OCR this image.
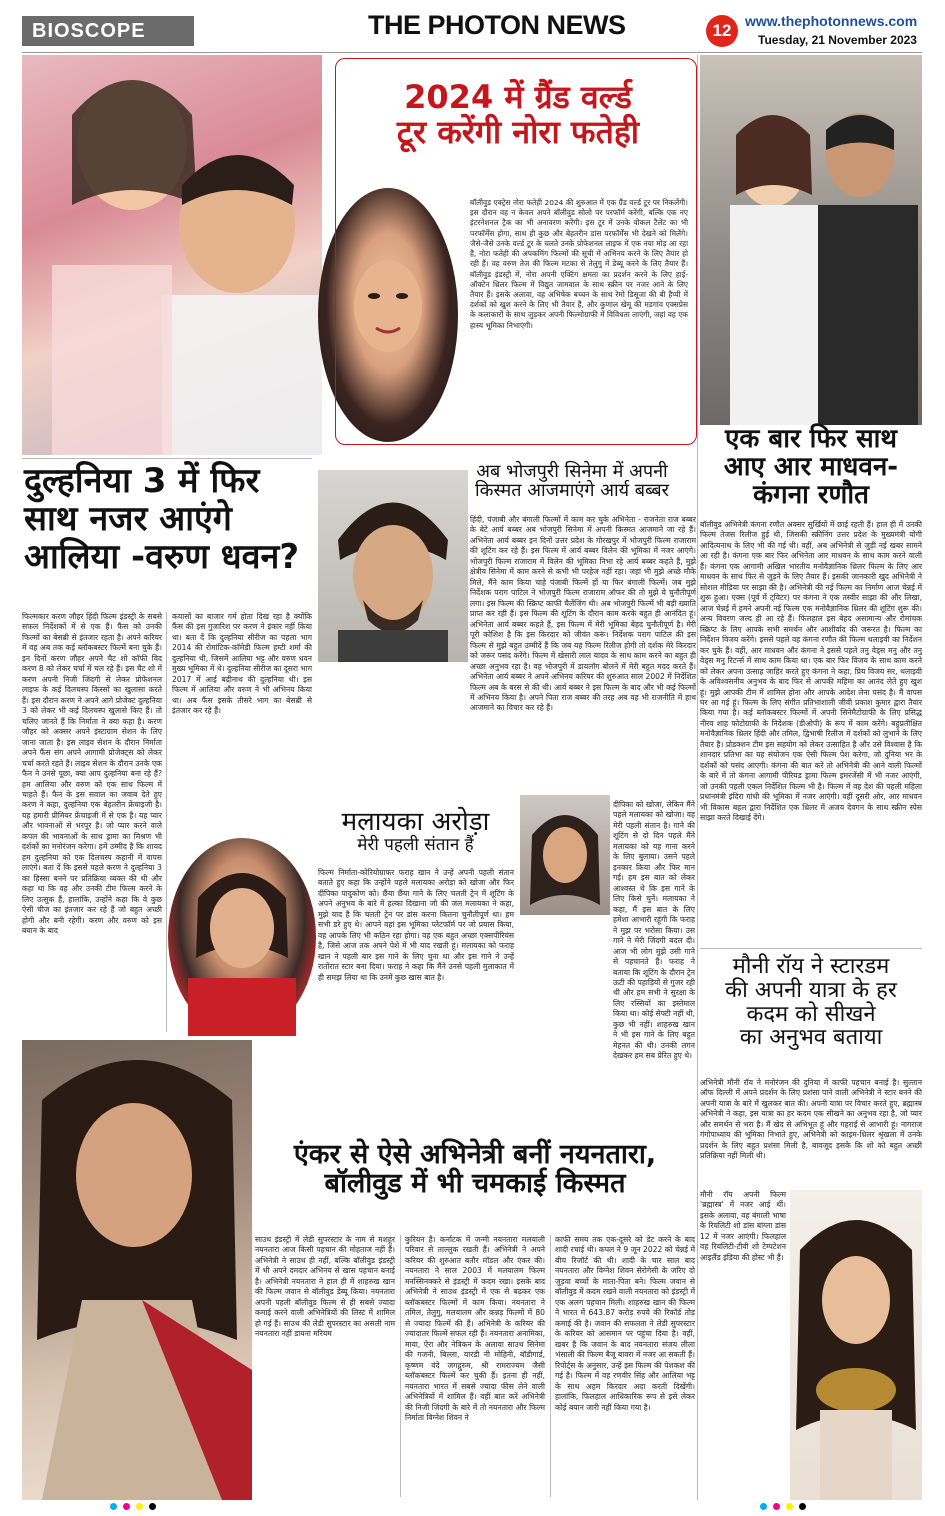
BIOSCOPE	THE PHOTON NEWS	12 www.thephotonnews.com
Tuesday, 21 November 2023
2024 में ग्रैंड वर्ल्ड
टूर करेंगी नोरा फतेही
बॉलीवुड एक्ट्रेस नोरा फतेही 2024 की शुरुआत में एक ग्रैंड वर्ल्ड टूर पर निकलेंगी। इस दौरान वह न केवल अपने बॉलीवुड सोलो पर परफॉर्म करेंगी, बल्कि एक नए इंटरनेशनल ट्रैक का भी अनावरण करेंगी। इस टूर में उनके वोकल टैलेंट का भी परफॉर्मेंस होगा, साथ ही कुछ और बेहतरीन डांस परफॉर्मेंस भी देखने को मिलेंगे। जैसे-जैसे उनके वर्ल्ड टूर के चलते उनके प्रोफेशनल लाइफ में एक नया मोड़ आ रहा है, नोरा फतेही की अपकमिंग फिल्मों की सूची में अभिनय करने के लिए तैयार हो रही हैं। वह वरुण तेज की फिल्म मटका से तेलुगु में डेब्यू करने के लिए तैयार हैं। बॉलीवुड इंडस्ट्री में, नोरा अपनी एक्टिंग क्षमता का प्रदर्शन करने के लिए हाई-ऑक्टेन थ्रिलर फिल्म में विद्युत जामवाल के साथ स्क्रीन पर नजर आने के लिए तैयार हैं। इसके अलावा, वह अभिषेक बच्चन के साथ रेमो डिसूजा की बी हैप्पी में दर्शकों को खुश करने के लिए भी तैयार हैं, और कुणाल खेमू की मडगांव एक्सप्रेस के कलाकारों के साथ जुड़कर अपनी फिल्मोग्राफी में विविधता लाएंगी, जहां वह एक हास्य भूमिका निभाएंगी।
एक बार फिर साथ
आए आर माधवन-
कंगना रणौत
बॉलीवुड अभिनेत्री कंगना रणौत अक्सर सुर्खियों में छाई रहती हैं। हाल ही में उनकी फिल्म तेजस रिलीज हुई थी, जिसकी स्क्रीनिंग उत्तर प्रदेश के मुख्यमंत्री योगी आदित्यनाथ के लिए भी की गई थी। वहीं, अब अभिनेत्री से जुड़ी नई खबर सामने आ रही है। कंगना एक बार फिर अभिनेता आर माधवन के साथ काम करने वाली हैं। कंगना एक आगामी अखिल भारतीय मनोवैज्ञानिक थ्रिलर फिल्म के लिए आर माधवन के साथ फिर से जुड़ने के लिए तैयार हैं। इसकी जानकारी खुद अभिनेत्री ने सोशल मीडिया पर साझा की है। अभिनेत्री की नई फिल्म का निर्माण आज चेन्नई में शुरू हुआ। एक्स (पूर्व में ट्विटर) पर कंगना ने एक तस्वीर साझा की और लिखा, आज चेन्नई में हमने अपनी नई फिल्म एक मनोवैज्ञानिक थ्रिलर की शूटिंग शुरू की। अन्य विवरण जल्द ही आ रहे हैं। फिलहाल इस बेहद असामान्य और रोमांचक स्क्रिप्ट के लिए आपके सभी समर्थन और आशीर्वाद की जरूरत है। फिल्म का निर्देशन विजय करेंगे। इससे पहले वह कंगना रणौत की फिल्म थलाइवी का निर्देशन कर चुके हैं। वहीं, आर माधवन और कंगना ने इससे पहले तनु वेड्स मनु और तनु वेड्स मनु रिटर्न्स में साथ काम किया था। एक बार फिर विजय के साथ काम करने को लेकर अपना उत्साह जाहिर करते हुए कंगना ने कहा, प्रिय विजय सर, थलाइवी के अविश्वसनीय अनुभव के बाद फिर से आपकी महिमा का आनंद लेते हुए खुश हूं। मुझे आपकी टीम में शामिल होना और आपके आदेश लेना पसंद है। मैं वापस घर आ गई हूं। फिल्म के लिए संगीत प्रतिभाशाली जीवी प्रकाश कुमार द्वारा तैयार किया गया है। कई ब्लॉकबस्टर फिल्मों में अपनी सिनेमैटोग्राफी के लिए प्रसिद्ध नीरव शाह फोटोग्राफी के निदेशक (डीओपी) के रूप में काम करेंगे। बहुप्रतीक्षित मनोवैज्ञानिक थ्रिलर हिंदी और तमिल, द्विभाषी रिलीज में दर्शकों को लुभाने के लिए तैयार है। प्रोडक्शन टीम इस सहयोग को लेकर उत्साहित है और उसे विश्वास है कि शानदार प्रतिभा का यह संयोजन एक ऐसी फिल्म पेश करेगा, जो दुनिया भर के दर्शकों को पसंद आएगी। कंगना की बात करें तो अभिनेत्री की आने वाली फिल्मों के बारे में तो कंगना आगामी पीरियड ड्रामा फिल्म इमरजेंसी में भी नजर आएंगी, जो उनकी पहली एकल निर्देशित फिल्म भी है। फिल्म में वह देश की पहली महिला प्रधानमंत्री इंदिरा गांधी की भूमिका में नजर आएंगी। वहीं दूसरी ओर, आर माधवन भी विकास बहल द्वारा निर्देशित एक थ्रिलर में अजय देवगन के साथ स्क्रीन स्पेस साझा करते दिखाई देंगे।
दुल्हनिया 3 में फिर
साथ नजर आएंगे
आलिया -वरुण धवन?
फिल्मकार करण जौहर हिंदी फिल्म इंडस्ट्री के सबसे सफल निर्देशकों में से एक हैं। फैंस को उनकी फिल्मों का बेसब्री से इंतजार रहता है। अपने करियर में वह अब तक कई ब्लॉकबस्टर फिल्में बना चुके हैं। इन दिनों करण जौहर अपने चैट शो कॉफी विद करण 8 को लेकर चर्चा में चल रहे हैं। इस चैट शो में करण अपनी निजी जिंदगी से लेकर प्रोफेशनल लाइफ के कई दिलचस्प किस्सों का खुलासा करते हैं। इस दौरान करण ने अपने आगे प्रोजेक्ट दुल्हनिया 3 को लेकर भी कई दिलचस्प खुलासे किए हैं। तो चलिए जानते हैं कि निर्माता ने क्या कहा है। करण जौहर को अक्सर अपने इंस्टाग्राम सेशन के लिए जाना जाता है। इस लाइव सेशन के दौरान निर्माता अपने फैंस संग अपने आगामी प्रोजेक्ट्स को लेकर चर्चा करते रहते हैं। लाइव सेशन के दौरान उनके एक फैन ने उनसे पूछा, क्या आप दुल्हनिया बना रहे हैं? हम आलिया और वरुण को एक साथ फिल्म में चाहते हैं। फैन के इस सवाल का जवाब देते हुए करण ने कहा, दुल्हनिया एक बेहतरीन फ्रेंचाइजी है। यह हमारी प्रीमियर फ्रेंचाइजी में से एक है। यह प्यार और भावनाओं से भरपूर है। जो प्यार करने वाले कपल की भावनाओं के साथ ड्रामा का मिश्रण भी दर्शकों का मनोरंजन करेगा। हमें उम्मीद है कि शायद हम दुल्हनिया को एक दिलचस्प कहानी में वापस लाएंगे। बता दें कि इससे पहले करण ने दुल्हनिया 3 का हिस्सा बनने पर प्रतिक्रिया व्यक्त की थी और कहा था कि वह और उनकी टीम फिल्म करने के लिए उत्सुक हैं, हालांकि, उन्होंने कहा कि वे कुछ ऐसी चीज का इंतजार कर रहे हैं जो बहुत अच्छी होगी और बनी रहेगी। करण और वरुण को इस बयान के बाद
कयासों का बाजार गर्म होता दिख रहा है क्योंकि फैंस की इस गुजारिश पर करण ने इंकार नहीं किया था। बता दें कि दुल्हनिया सीरीज का पहला भाग 2014 की रोमांटिक-कॉमेडी फिल्म हम्टी शर्मा की दुल्हनिया थी, जिसमें आलिया भट्ट और वरुण धवन मुख्य भूमिका में थे। दुल्हनिया सीरीज का दूसरा भाग 2017 में आई बद्रीनाथ की दुल्हनिया थी। इस फिल्म में आलिया और वरुण ने भी अभिनय किया था। अब फैंस इसके तीसरे भाग का बेसब्री से इंतजार कर रहे हैं।
अब भोजपुरी सिनेमा में अपनी
किस्मत आजमाएंगे आर्य बब्बर
हिंदी, पंजाबी और बंगाली फिल्मों में काम कर चुके अभिनेता - राजनेता राज बब्बर के बेटे आर्य बब्बर अब भोजपुरी सिनेमा में अपनी किस्मत आजमाने जा रहे हैं। अभिनेता आर्य बब्बर इन दिनों उत्तर प्रदेश के गोरखपुर में भोजपुरी फिल्म राजाराम की शूटिंग कर रहे हैं। इस फिल्म में आर्य बब्बर विलेन की भूमिका में नजर आएंगे। भोजपुरी फिल्म राजाराम में विलेन की भूमिका निभा रहे आर्य बब्बर कहते हैं, मुझे क्षेत्रीय सिनेमा में काम करने से कभी भी परहेज नहीं रहा। जहां भी मुझे अच्छे मौके मिले, मैंने काम किया चाहे पंजाबी फिल्में हों या फिर बंगाली फिल्में। जब मुझे निर्देशक पराग पाटिल ने भोजपुरी फिल्म राजाराम ऑफर की तो मुझे ये चुनौतीपूर्ण लगा। इस फिल्म की स्क्रिप्ट काफी चैलेंजिंग थी। अब भोजपुरी फिल्में भी बड़ी ख्याति प्राप्त कर रही हैं। इस फिल्म की शूटिंग के दौरान काम करके बहुत ही आनंदित हूं। अभिनेता आर्य बब्बर कहते हैं, इस फिल्म में मेरी भूमिका बेहद चुनौतीपूर्ण है। मेरी पूरी कोशिश है कि इस किरदार को जीवंत करूं। निर्देशक पराग पाटिल की इस फिल्म से मुझे बहुत उम्मीदें हैं कि जब यह फिल्म रिलीज होगी तो दर्शक मेरे किरदार को जरूर पसंद करेंगे। फिल्म में खेसारी लाल यादव के साथ काम करने का बहुत ही अच्छा अनुभव रहा है। वह भोजपुरी में डायलॉग बोलने में मेरी बहुत मदद करते हैं। अभिनेता आर्य बब्बर ने अपने अभिनय करियर की शुरुआत साल 2002 में निर्देशित फिल्म अब के बरस से की थी। आर्य बब्बर ने इस फिल्म के बाद और भी कई फिल्मों में अभिनय किया है। अपने पिता राज बब्बर की तरह अब वह भी राजनीति में हाथ आजमाने का विचार कर रहे हैं।
मलायका अरोड़ा
मेरी पहली संतान हैं
फिल्म निर्माता-कोरियोग्राफर फराह खान ने उन्हें अपनी पहली संतान बताते हुए कहा कि उन्होंने पहले मलायका अरोड़ा को खोजा और फिर दीपिका पादुकोण को। छैंया छैंया गाने के लिए चलती ट्रेन में शूटिंग के अपने अनुभव के बारे में हल्का दिखाना जो की जल मलायका ने कहा, मुझे याद है कि चलती ट्रेन पर डांस करना कितना चुनौतीपूर्ण था। हम सभी डरे हुए थे। आपने वहां इस भूमिका प्लेटफॉर्म पर जो प्रयास किया, वह आपके लिए भी कठिन रहा होगा। वह एक बहुत अच्छा एक्सपीरियंस है, जिसे आज तक अपने पेशे में भी याद रखती हूं। मलायका को फराह खान ने पहली बार इस गाने के लिए चुना था और इस गाने ने उन्हें रातोंरात स्टार बना दिया। फराह ने कहा कि मैंने उनसे पहली मुलाकात में ही समझ लिया था कि उनमें कुछ खास बात है।
दीपिका को खोजा, लेकिन मैंने पहले मलायका को खोजा। वह मेरी पहली संतान है। गाने की शूटिंग से दो दिन पहले मैंने मलायका को यह गाना करने के लिए बुलाया। उसने पहले इनकार किया और फिर मान गई। हम इस बात को लेकर आश्वस्त थे कि इस गाने के लिए किसे चुनें। मलायका ने कहा, मैं इस बात के लिए हमेशा आभारी रहूंगी कि फराह ने मुझ पर भरोसा किया। उस गाने ने मेरी जिंदगी बदल दी। आज भी लोग मुझे उसी गाने से पहचानते हैं। फराह ने बताया कि शूटिंग के दौरान ट्रेन ऊटी की पहाड़ियों से गुजर रही थी और हम सभी ने सुरक्षा के लिए रस्सियों का इस्तेमाल किया था। कोई सेफ्टी नहीं थी, कुछ भी नहीं। शाहरुख खान ने भी इस गाने के लिए बहुत मेहनत की थी। उनकी लगन देखकर हम सब प्रेरित हुए थे।
मौनी रॉय ने स्टारडम
की अपनी यात्रा के हर
कदम को सीखने
का अनुभव बताया
अभिनेत्री मौनी रॉय ने मनोरंजन की दुनिया में काफी पहचान बनाई है। सुल्तान ऑफ दिल्ली में अपने प्रदर्शन के लिए प्रशंसा पाने वाली अभिनेत्री ने स्टार बनने की अपनी यात्रा के बारे में खुलकर बात की। अपनी यात्रा पर विचार करते हुए, ब्रह्मास्त्र अभिनेत्री ने कहा, इस यात्रा का हर कदम एक सीखने का अनुभव रहा है, जो प्यार और समर्थन से भरा है। मैं खेद से अभिभूत हूं और गहराई से आभारी हूं। नागराज गंगोपाध्याय की भूमिका निभाते हुए, अभिनेत्री को काइम-थ्रिलर श्रृंखला में उनके प्रदर्शन के लिए बहुत प्रशंसा मिली है, बावजूद इसके कि शो को बहुत अच्छी प्रतिक्रिया नहीं मिली थी।
मौनी रॉय अपनी फिल्म 'ब्रह्मास्त्र' में नजर आई थीं। इसके अलावा, वह बंगाली भाषा के रियलिटी शो डांस बांग्ला डांस 12 में नजर आएंगी। फिलहाल वह रियलिटी-टीवी शो टेम्पटेशन आइलैंड इंडिया की होस्ट भी हैं।
एंकर से ऐसे अभिनेत्री बनीं नयनतारा,
बॉलीवुड में भी चमकाई किस्मत
साउथ इंडस्ट्री में लेडी सुपरस्टार के नाम से मशहूर नयनतारा आज किसी पहचान की मोहताज नहीं हैं। अभिनेत्री ने साउथ ही नहीं, बल्कि बॉलीवुड इंडस्ट्री में भी अपने दमदार अभिनय से खास पहचान बनाई है। अभिनेत्री नयनतारा ने हाल ही में शाहरुख खान की फिल्म जवान से बॉलीवुड डेब्यू किया। नयनतारा अपनी पहली बॉलीवुड फिल्म से ही सबसे ज्यादा कमाई करने वाली अभिनेत्रियों की लिस्ट में शामिल हो गई हैं। साउथ की लेडी सुपरस्टार का असली नाम नयनतारा नहीं डायना मरियम
कुरियन है। कर्नाटक में जन्मी नयनतारा मलयाली परिवार से ताल्लुक रखती हैं। अभिनेत्री ने अपने करियर की शुरुआत बतौर मॉडल और एंकर की। नयनतारा ने साल 2003 में मलयालम फिल्म मनस्सिनक्करे से इंडस्ट्री में कदम रखा। इसके बाद अभिनेत्री ने साउथ इंडस्ट्री में एक से बढ़कर एक ब्लॉकबस्टर फिल्मों में काम किया। नयनतारा ने तमिल, तेलुगु, मलयालम और कन्नड़ फिल्मों में 80 से ज्यादा फिल्में की हैं। अभिनेत्री के करियर की ज्यादातर फिल्में सफल रही हैं। नयनतारा अनामिका, माया, ऐरा और नेत्रिकन के अलावा साउथ सिनेमा की गजनी, बिल्ला, यारडी नी मोहिनी, बॉडीगार्ड, कृष्णम वंदे जगद्गुरुम, श्री रामराज्यम जैसी ब्लॉकबस्टर फिल्में कर चुकी हैं। इतना ही नहीं, नयनतारा भारत में सबसे ज्यादा फीस लेने वाली अभिनेत्रियों में शामिल हैं। वहीं बात करें अभिनेत्री की निजी जिंदगी के बारे में तो नयनतारा और फिल्म निर्माता विग्नेश शिवन ने
काफी समय तक एक-दूसरे को डेट करने के बाद शादी रचाई थी। कपल ने 9 जून 2022 को चेन्नई में बीच रिजॉर्ट की थी। शादी के चार साल बाद नयनतारा और विग्नेश शिवन सेरोगेसी के जरिए दो जुड़वा बच्चों के माता-पिता बने। फिल्म जवान से बॉलीवुड में कदम रखने वाली नयनतारा को इंडस्ट्री में एक अलग पहचान मिली। शाहरुख खान की फिल्म ने भारत में 643.87 करोड़ रुपये की रिकॉर्ड तोड़ कमाई की है। जवान की सफलता ने लेडी सुपरस्टार के करियर को आसमान पर पहुंचा दिया है। वहीं, खबर है कि जवान के बाद नयनतारा संजय लीला भंसाली की फिल्म बैजू बावरा में नजर आ सकती हैं। रिपोर्ट्स के अनुसार, उन्हें इस फिल्म की पेशकश की गई है। फिल्म में वह रणवीर सिंह और आलिया भट्ट के साथ अहम किरदार अदा करती दिखेंगी। हालांकि, फिलहाल आधिकारिक रूप से इसे लेकर कोई बयान जारी नहीं किया गया है।
